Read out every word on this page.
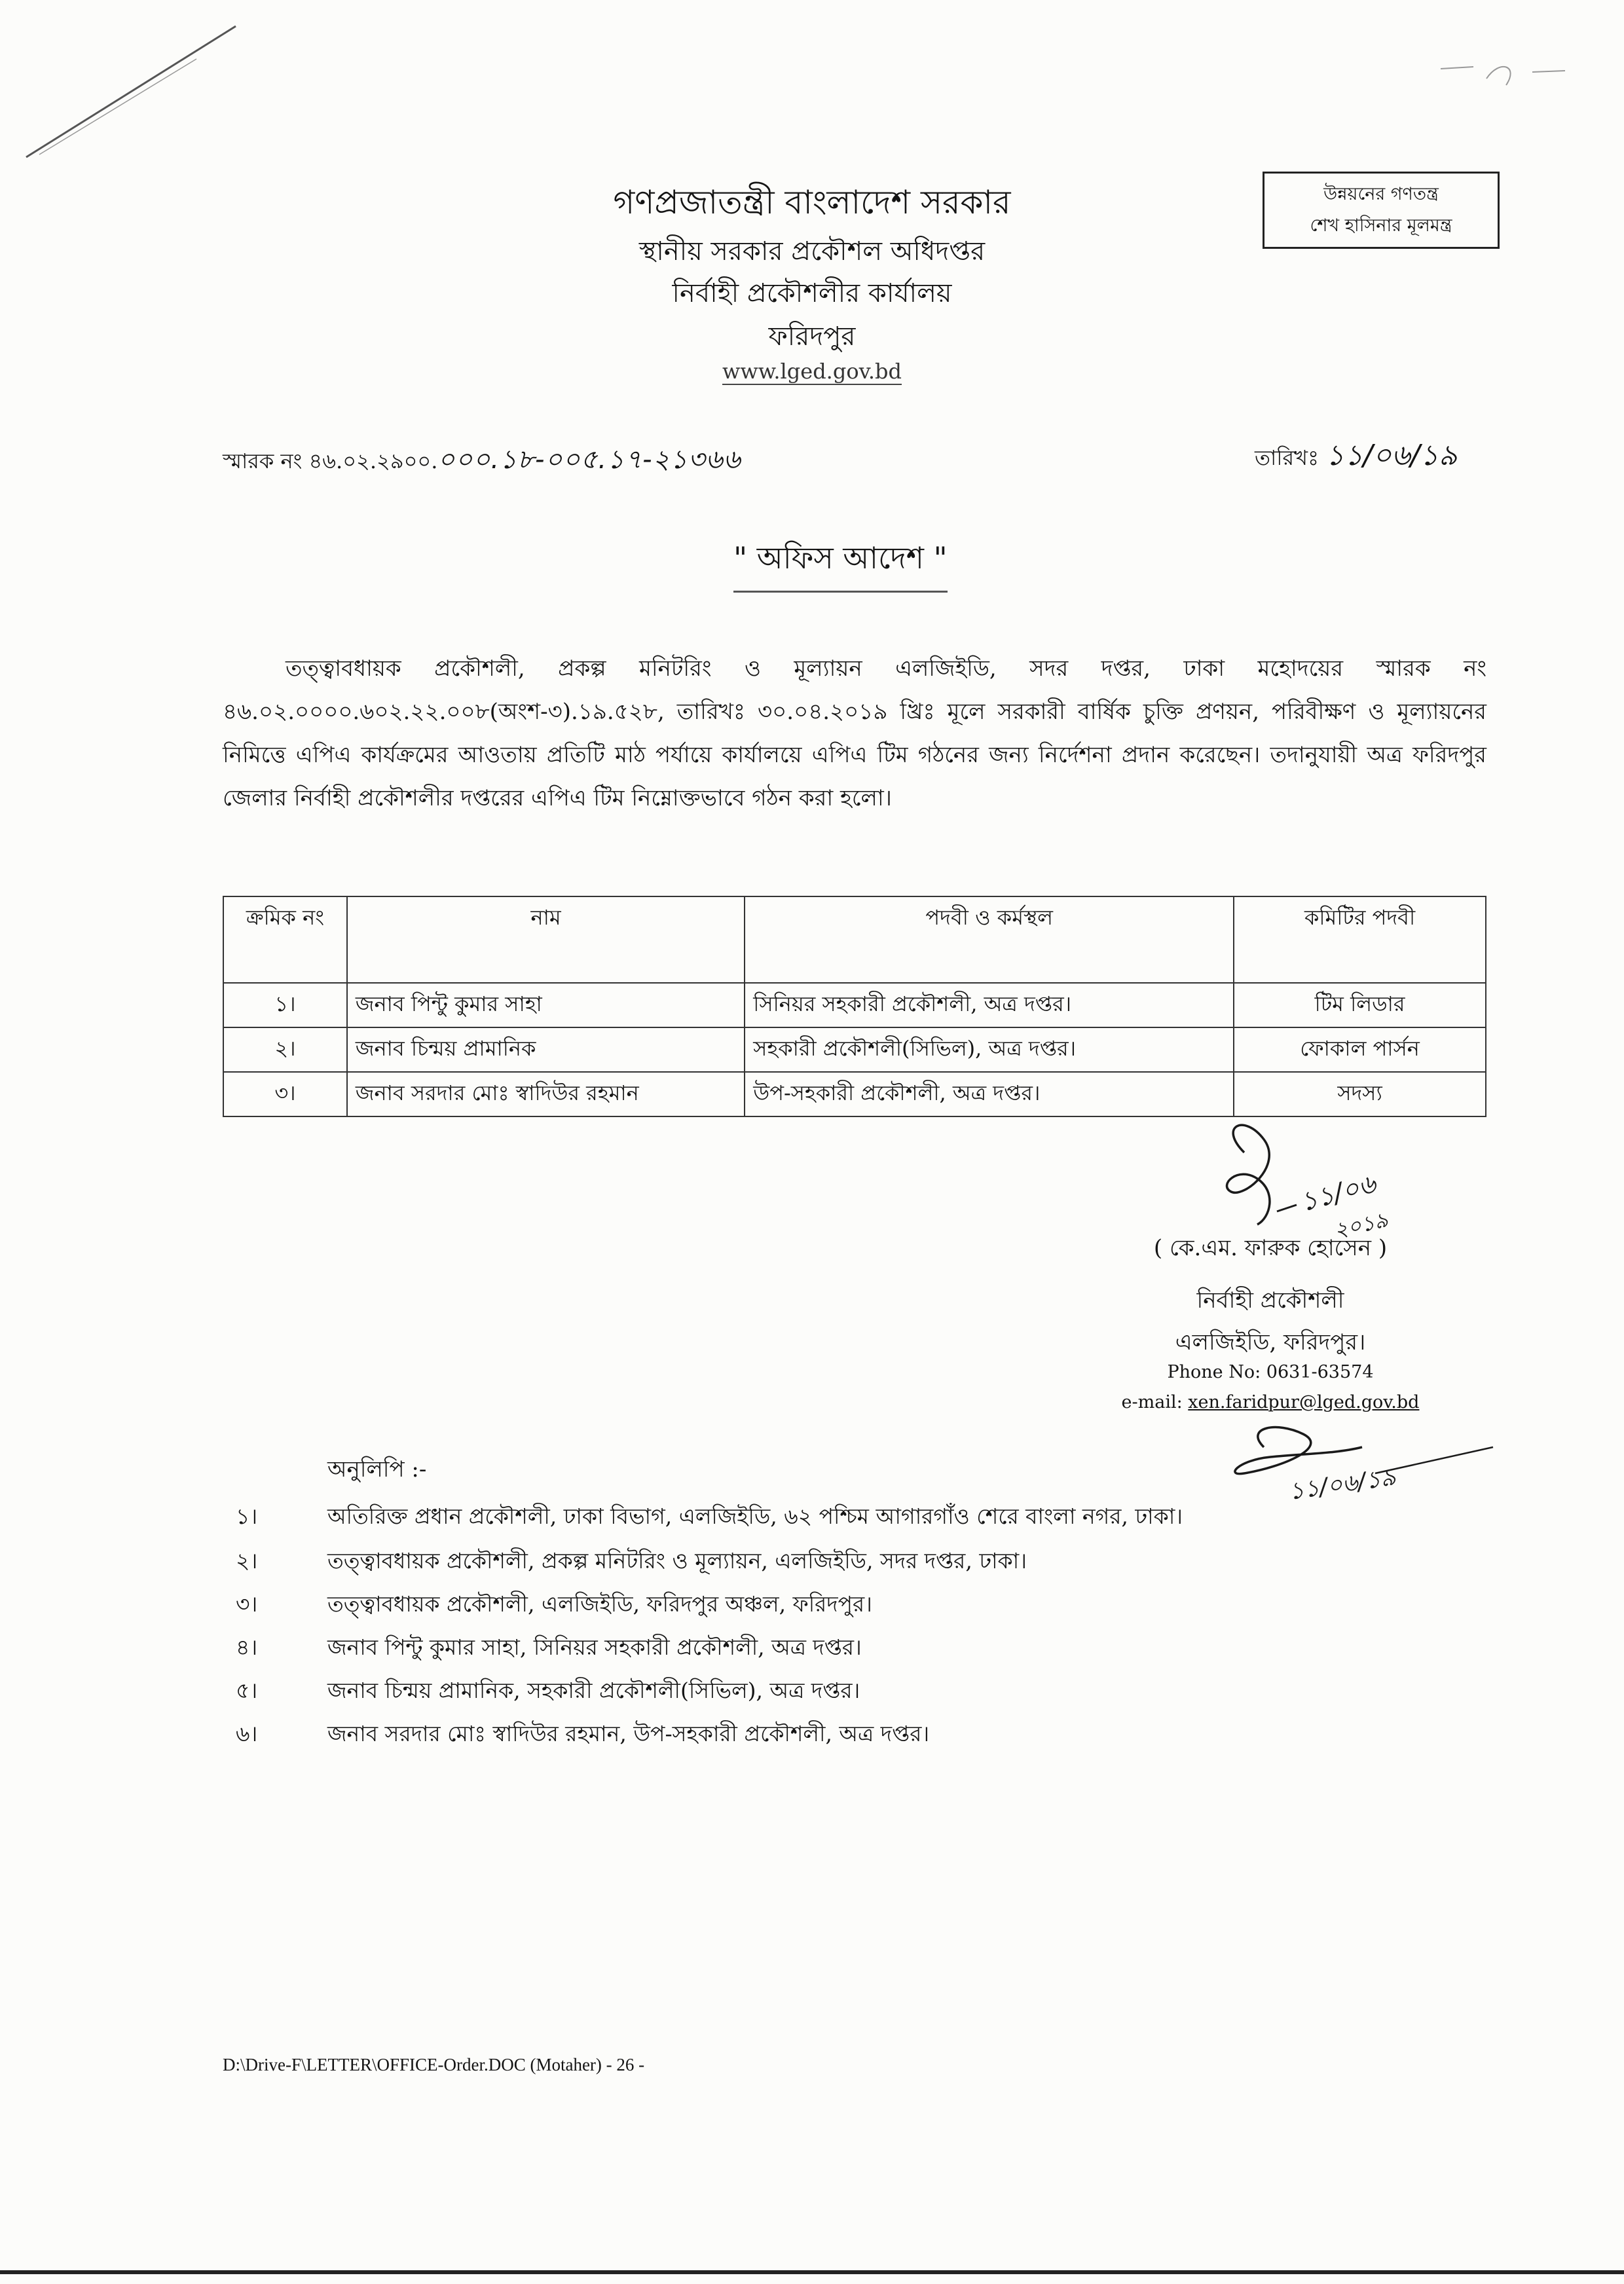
১১/০৬
২০১৯
১১/০৬/১৯
গণপ্রজাতন্ত্রী বাংলাদেশ সরকার
স্থানীয় সরকার প্রকৌশল অধিদপ্তর
নির্বাহী প্রকৌশলীর কার্যালয়
ফরিদপুর
www.lged.gov.bd
উন্নয়নের গণতন্ত্র
শেখ হাসিনার মূলমন্ত্র
স্মারক নং ৪৬.০২.২৯০০.০০০.১৮-০০৫.১৭-২১৩৬৬	তারিখঃ ১১/০৬/১৯
" অফিস আদেশ "
তত্ত্বাবধায়ক প্রকৌশলী, প্রকল্প মনিটরিং ও মূল্যায়ন এলজিইডি, সদর দপ্তর, ঢাকা মহোদয়ের স্মারক নং ৪৬.০২.০০০০.৬০২.২২.০০৮(অংশ-৩).১৯.৫২৮, তারিখঃ ৩০.০৪.২০১৯ খ্রিঃ মূলে সরকারী বার্ষিক চুক্তি প্রণয়ন, পরিবীক্ষণ ও মূল্যায়নের নিমিত্তে এপিএ কার্যক্রমের আওতায় প্রতিটি মাঠ পর্যায়ে কার্যালয়ে এপিএ টিম গঠনের জন্য নির্দেশনা প্রদান করেছেন। তদানুযায়ী অত্র ফরিদপুর জেলার নির্বাহী প্রকৌশলীর দপ্তরের এপিএ টিম নিম্নোক্তভাবে গঠন করা হলো।
ক্রমিক নং	নাম	পদবী ও কর্মস্থল	কমিটির পদবী
১।	জনাব পিন্টু কুমার সাহা	সিনিয়র সহকারী প্রকৌশলী, অত্র দপ্তর।	টিম লিডার
২।	জনাব চিন্ময় প্রামানিক	সহকারী প্রকৌশলী(সিভিল), অত্র দপ্তর।	ফোকাল পার্সন
৩।	জনাব সরদার মোঃ স্বাদিউর রহমান	উপ-সহকারী প্রকৌশলী, অত্র দপ্তর।	সদস্য
( কে.এম. ফারুক হোসেন )
নির্বাহী প্রকৌশলী
এলজিইডি, ফরিদপুর।
Phone No: 0631-63574
e-mail: xen.faridpur@lged.gov.bd
অনুলিপি :-
১।	অতিরিক্ত প্রধান প্রকৌশলী, ঢাকা বিভাগ, এলজিইডি, ৬২ পশ্চিম আগারগাঁও শেরে বাংলা নগর, ঢাকা।
২।	তত্ত্বাবধায়ক প্রকৌশলী, প্রকল্প মনিটরিং ও মূল্যায়ন, এলজিইডি, সদর দপ্তর, ঢাকা।
৩।	তত্ত্বাবধায়ক প্রকৌশলী, এলজিইডি, ফরিদপুর অঞ্চল, ফরিদপুর।
৪।	জনাব পিন্টু কুমার সাহা, সিনিয়র সহকারী প্রকৌশলী, অত্র দপ্তর।
৫।	জনাব চিন্ময় প্রামানিক, সহকারী প্রকৌশলী(সিভিল), অত্র দপ্তর।
৬।	জনাব সরদার মোঃ স্বাদিউর রহমান, উপ-সহকারী প্রকৌশলী, অত্র দপ্তর।
D:\Drive-F\LETTER\OFFICE-Order.DOC (Motaher) - 26 -
